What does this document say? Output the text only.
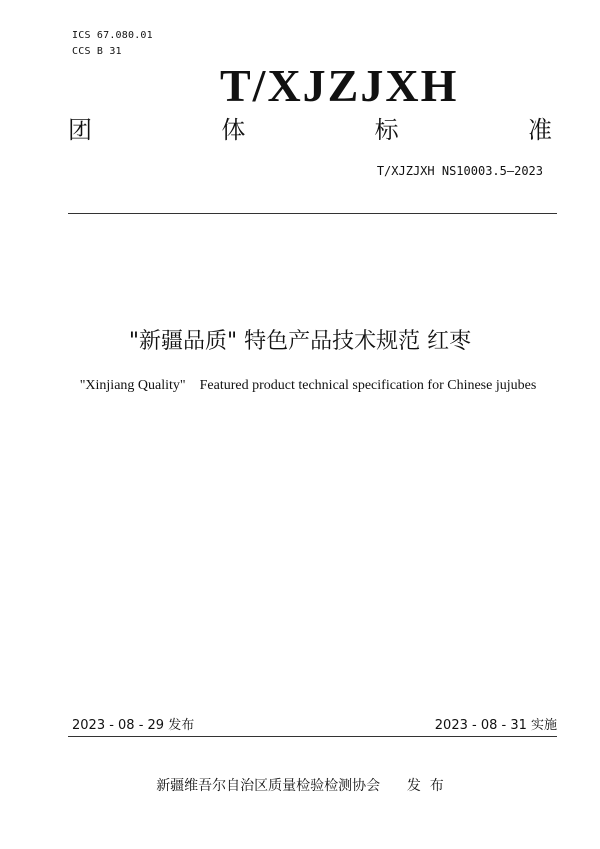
ICS 67.080.01
CCS B 31
T/XJZJXH
团	体	标	准
T/XJZJXH NS10003.5—2023
"新疆品质" 特色产品技术规范 红枣
"Xinjiang Quality"    Featured product technical specification for Chinese jujubes
2023 - 08 - 29 发布	2023 - 08 - 31 实施
新疆维吾尔自治区质量检验检测协会      发  布
